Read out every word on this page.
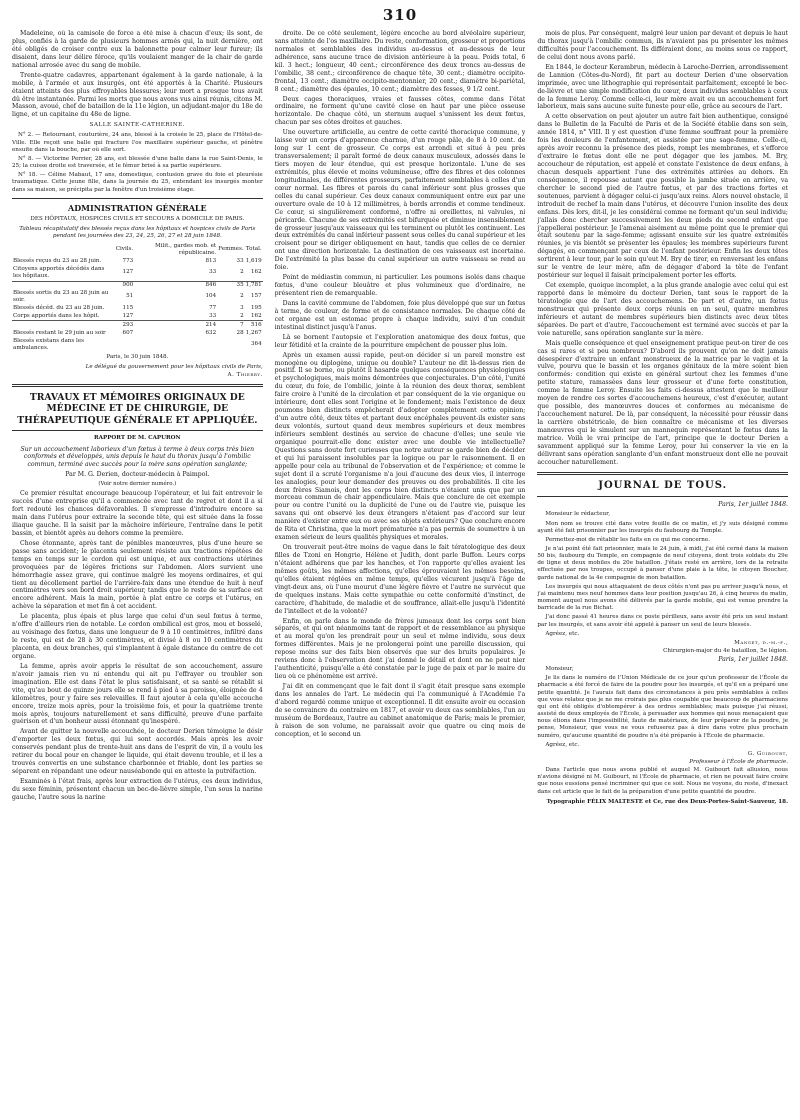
310

Madeleine, où la camisole de force a été mise à chacun d'eux; ils sont, de plus, confiés à la garde de plusieurs hommes armés qui, la nuit dernière, ont été obligés de croiser contre eux la baïonnette pour calmer leur fureur; ils disaient, dans leur délire féroce, qu'ils voulaient manger de la chair de garde national arrosée avec du sang de mobile.

Trente-quatre cadavres, appartenant également à la garde nationale, à la mobile, à l'armée et aux insurgés, ont été apportés à la Charité. Plusieurs étaient atteints des plus effroyables blessures; leur mort a presque tous avait dû être instantanée. Parmi les morts que nous avons vus ainsi réunis, citons M. Masson, avoué, chef de bataillon de la 11e légion, un adjudant-major du 18e de ligne, et un capitaine du 48e de ligne.

SALLE SAINTE-CATHERINE.

N° 2. — Retournant, couturière, 24 ans, blessé à la croisée le 25, place de l'Hôtel-de-Ville. Elle reçoit une balle qui fracture l'os maxillaire supérieur gauche, et pénètre ensuite dans la bouche, par où elle sort.

N° 8. — Victorine Perrier, 28 ans, est blessée d'une balle dans la rue Saint-Denis, le 25; la cuisse droite est traversée, et le fémur brisé à sa partie supérieure.

N° 18. — Céline Mabaut, 17 ans, domestique, contusion grave du foie et pleurésie traumatique. Cette jeune fille, dans la journée du 25, entendant les insurgés monter dans sa maison, se précipita par la fenêtre d'un troisième étage.

ADMINISTRATION GÉNÉRALE
DES HÔPITAUX, HOSPICES CIVILS ET SECOURS A DOMICILE DE PARIS.

Tableau récapitulatif des blessés reçus dans les hôpitaux et hospices civils de Paris pendant les journées des 23, 24, 25, 26, 27 et 28 juin 1848.

	Civils.	Milit., gardes mob. et républicaine.	Femmes.	Total.
Blessés reçus du 23 au 28 juin.	773	813	33	1,619
Citoyens apportés décédés dans les hôpitaux.	127	33	2	162
	900	846	35	1,781
Blessés sortis du 23 au 28 juin au soir.	51	104	2	157
Blessés décéd. du 23 au 28 juin.	115	77	3	195
Corps apportés dans les hôpit.	127	33	2	162
	293	214	7	516
Blessés restant le 29 juin au soir	607	632	28	1,267
Blessés existans dans les ambulances.				364

Paris, le 30 juin 1848.

Le délégué du gouvernement pour les hôpitaux civils de Paris,
A. Thierry.
TRAVAUX ET MÉMOIRES ORIGINAUX DE MÉDECINE ET DE CHIRURGIE, DE THÉRAPEUTIQUE GÉNÉRALE ET APPLIQUÉE.
RAPPORT DE M. CAPURON

Sur un accouchement laborieux d'un fœtus à terme à deux corps très bien conformés et développés, unis depuis le haut du thorax jusqu'à l'ombilic commun, terminé avec succès pour la mère sans opération sanglante;

Par M. G. Derien, docteur-médecin à Paimpol.

(Voir notre dernier numéro.)

Ce premier résultat encourage beaucoup l'opérateur, et lui fait entrevoir le succès d'une entreprise qu'il a commencée avec tant de regret et dont il a si fort redouté les chances défavorables. Il s'empresse d'introduire encore sa main dans l'utérus pour extraire la seconde tête, qui est située dans la fosse iliaque gauche. Il la saisit par la mâchoire inférieure, l'entraîne dans le petit bassin, et bientôt après au dehors comme la première.

Chose étonnante, après tant de pénibles manœuvres, plus d'une heure se passe sans accident; le placenta seulement résiste aux tractions répétées de temps en temps sur le cordon qui est unique, et aux contractions utérines provoquées par de légères frictions sur l'abdomen. Alors survient une hémorrhagie assez grave, qui continue malgré les moyens ordinaires, et qui tient au décollement partiel de l'arrière-faix dans une étendue de huit à neuf centimètres vers son bord droit supérieur, tandis que le reste de sa surface est encore adhérent. Mais la main, portée à plat entre ce corps et l'utérus, en achève la séparation et met fin à cet accident.

Le placenta, plus épais et plus large que celui d'un seul fœtus à terme, n'offre d'ailleurs rien de notable. Le cordon ombilical est gros, mou et bosselé, au voisinage des fœtus, dans une longueur de 9 à 10 centimètres, infiltré dans le reste, qui est de 28 à 30 centimètres, et divisé à 8 ou 10 centimètres du placenta, en deux branches, qui s'implantent à égale distance du centre de cet organe.

La femme, après avoir appris le résultat de son accouchement, assure n'avoir jamais rien vu ni entendu qui ait pu l'effrayer ou troubler son imagination. Elle est dans l'état le plus satisfaisant, et sa santé se rétablit si vite, qu'au bout de quinze jours elle se rend à pied à sa paroisse, éloignée de 4 kilomètres, pour y faire ses relevailles. Il faut ajouter à cela qu'elle accouche encore, treize mois après, pour la troisième fois, et pour la quatrième trente mois après, toujours naturellement et sans difficulté, preuve d'une parfaite guérison et d'un bonheur aussi étonnant qu'inespéré.

Avant de quitter la nouvelle accouchée, le docteur Derien témoigne le désir d'emporter les deux fœtus, qui lui sont accordés. Mais après les avoir conservés pendant plus de trente-huit ans dans de l'esprit de vin, il a voulu les retirer du bocal pour en changer le liquide, qui était devenu trouble, et il les a trouvés convertis en une substance charbonnée et friable, dont les parties se séparent en répandant une odeur nauséabonde qui en atteste la putréfaction.

Examinés à l'état frais, après leur extraction de l'utérus, ces deux individus, du sexe féminin, présentent chacun un bec-de-lièvre simple, l'un sous la narine gauche, l'autre sous la narine

droite. De ce côté seulement, légère encoche au bord alvéolaire supérieur, sans atteinte de l'os maxillaire. Du reste, conformation, grosseur et proportions normales et semblables des individus au-dessus et au-dessous de leur adhérence, sans aucune trace de division antérieure à la peau. Poids total, 6 kil. 3 hect.; longueur, 40 cent.; circonférence des deux troncs au-dessus de l'ombilic, 38 cent.; circonférence de chaque tête, 30 cent.; diamètre occipito-frontal, 13 cent.; diamètre occipito-mentonnier, 20 cent.; diamètre bi-pariétal, 8 cent.; diamètre des épaules, 10 cent.; diamètre des fesses, 9 1/2 cent.

Deux cages thoraciques, vraies et fausses côtes, comme dans l'état ordinaire, ne forment qu'une cavité close en haut par une pièce osseuse horizontale. De chaque côté, un sternum auquel s'unissent les deux fœtus, chacun par ses côtes droites et gauches.

Une ouverture artificielle, au centre de cette cavité thoracique commune, y laisse voir un corps d'apparence charnue, d'un rouge pâle, de 8 à 10 cent. de long sur 1 cent de grosseur. Ce corps est arrondi et situé à peu près transversalement; il paraît formé de deux canaux musculeux, adossés dans le tiers moyen de leur étendue, qui est presque horizontale. L'une de ses extrémités, plus élevée et moins volumineuse, offre des fibres et des colonnes longitudinales, de différentes grosseurs, parfaitement semblables à celles d'un cœur normal. Les fibres et parois du canal inférieur sont plus grosses que celles du canal supérieur. Ces deux canaux communiquent entre eux par une ouverture ovale de 10 à 12 millimètres, à bords arrondis et comme tendineux. Ce cœur, si singulièrement conformé, n'offre ni oreillettes, ni valvules, ni péricarde. Chacune de ses extrémités est bifurquée et diminue insensiblement de grosseur jusqu'aux vaisseaux qui les terminent ou plutôt les continuent. Les deux extrémités du canal inférieur passent sous celles du canal supérieur et les croisent pour se diriger obliquement en haut, tandis que celles de ce dernier ont une direction horizontale. La destination de ces vaisseaux est incertaine. De l'extrémité la plus basse du canal supérieur un autre vaisseau se rend au foie.

Point de médiastin commun, ni particulier. Les poumons isolés dans chaque fœtus, d'une couleur bleuâtre et plus volumineux que d'ordinaire, ne présentent rien de remarquable.

Dans la cavité commune de l'abdomen, foie plus développé que sur un fœtus à terme, de couleur, de forme et de consistance normales. De chaque côté de cet organe est un estomac propre à chaque individu, suivi d'un conduit intestinal distinct jusqu'à l'anus.

Là se bornent l'autopsie et l'exploration anatomique des deux fœtus, que leur fétidité et la crainte de la pourriture empêchent de pousser plus loin.

Après un examen aussi rapide, peut-on décider si un pareil monstre est monogène ou diplogène, unique ou double? L'auteur ne dit là-dessus rien de positif. Il se borne, ou plutôt il hasarde quelques conséquences physiologiques et psychologiques, mais moins démontrées que conjecturales. D'un côté, l'unité du cœur, du foie, de l'ombilic, jointe à la réunion des deux thorax, semblent faire croire à l'unité de la circulation et par conséquent de la vie organique ou intérieure, dont elles sont l'origine et le fondement; mais l'existence de deux poumons bien distincts empêcherait d'adopter complètement cette opinion; d'un autre côté, deux têtes et partant deux encéphales peuvent-ils exister sans deux volontés, surtout quand deux membres supérieurs et deux membres inférieurs semblent destinés au service de chacune d'elles; une seule vie organique pourrait-elle donc exister avec une double vie intellectuelle? Questions sans doute fort curieuses que notre auteur se garde bien de décider et qui lui paraissent insolubles par la logique ou par le raisonnement. Il en appelle pour cela au tribunal de l'observation et de l'expérience; et comme le sujet dont il a scruté l'organisme n'a joui d'aucune des deux vies, il interroge les analogies, pour leur demander des preuves ou des probabilités. Il cite les deux frères Siamois, dont les corps bien distincts n'étaient unis que par un morceau commun de chair appendiculaire. Mais que conclure de cet exemple pour ou contre l'unité ou la duplicité de l'une ou de l'autre vie, puisque les savans qui ont observé les deux étrangers n'étaient pas d'accord sur leur manière d'exister entre eux ou avec ses objets extérieurs? Que conclure encore de Rita et Christina, que la mort prématurée n'a pas permis de soumettre à un examen sérieux de leurs qualités physiques et morales.

On trouverait peut-être moins de vague dans le fait tératologique des deux filles de Tzoni en Hongrie, Hélène et Judith, dont parle Buffon. Leurs corps n'étaient adhérens que par les hanches, et l'on rapporte qu'elles avaient les mêmes goûts, les mêmes affections, qu'elles éprouvaient les mêmes besoins, qu'elles étaient réglées en même temps, qu'elles vécurent jusqu'à l'âge de vingt-deux ans, où l'une mourut d'une légère fièvre et l'autre ne survécut que de quelques instans. Mais cette sympathie ou cette conformité d'instinct, de caractère, d'habitude, de maladie et de souffrance, allait-elle jusqu'à l'identité de l'intellect et de la volonté?

Enfin, on parle dans le monde de frères jumeaux dont les corps sont bien séparés, et qui ont néanmoins tant de rapport et de ressemblance au physique et au moral qu'on les prendrait pour un seul et même individu, sous deux formes différentes. Mais je ne prolongerai point une pareille discussion, qui repose moins sur des faits bien observés que sur des bruits populaires. Je reviens donc à l'observation dont j'ai donné le détail et dont on ne peut nier l'authenticité, puisqu'elle a été constatée par le juge de paix et par le maire du lieu où ce phénomène est arrivé.

J'ai dit en commençant que le fait dont il s'agit était presque sans exemple dans les annales de l'art. Le médecin qui l'a communiqué à l'Académie l'a d'abord regardé comme unique et exceptionnel. Il dit ensuite avoir eu occasion de se convaincre du contraire en 1817, et avoir vu deux cas semblables, l'un au muséum de Bordeaux, l'autre au cabinet anatomique de Paris; mais le premier, à raison de son volume, ne paraissait avoir que quatre ou cinq mois de conception, et le second un

mois de plus. Par conséquent, malgré leur union par devant et depuis le haut du thorax jusqu'à l'ombilic commun, ils n'avaient pas pu présenter les mêmes difficultés pour l'accouchement. Ils différaient donc, au moins sous ce rapport, de celui dont nous avons parlé.

En 1844, le docteur Kerambrun, médecin à Laroche-Derrien, arrondissement de Lannion (Côtes-du-Nord), fit part au docteur Derien d'une observation imprimée, avec une lithographie qui représentait parfaitement, excepté le bec-de-lièvre et une simple modification du cœur, deux individus semblables à ceux de la femme Leroy. Comme celle-ci, leur mère avait eu un accouchement fort laborieux, mais sans aucune suite funeste pour elle, grâce au secours de l'art.

A cette observation on peut ajouter un autre fait bien authentique, consigné dans le Bulletin de la Faculté de Paris et de la Société établie dans son sein, année 1814, n° VIII. Il y est question d'une femme souffrant pour la première fois les douleurs de l'enfantement, et assistée par une sage-femme. Celle-ci, après avoir reconnu la présence des pieds, rompt les membranes, et s'efforce d'extraire le fœtus dont elle ne peut dégager que les jambes. M. Bry, accoucheur de réputation, est appelé et constate l'existence de deux enfans, à chacun desquels appartient l'une des extrémités attirées au dehors. En conséquence, il repousse autant que possible la jambe située en arrière, va chercher le second pied de l'autre fœtus, et par des tractions fortes et soutenues, parvient à dégager celui-ci jusqu'aux reins. Alors nouvel obstacle, il introduit de rechef la main dans l'utérus, et découvre l'union insolite des deux enfans. Dès lors, dit-il, je les considérai comme ne formant qu'un seul individu; j'allais donc chercher successivement les deux pieds du second enfant que j'appellerai postérieur. Je l'amenai aisément au même point que le premier qui était soutenu par la sage-femme; agissant ensuite sur les quatre extrémités réunies, je vis bientôt se présenter les épaules; les membres supérieurs furent dégagés, en commençant par ceux de l'enfant postérieur. Enfin les deux têtes sortirent à leur tour, par le soin qu'eut M. Bry de tirer, en renversant les enfans sur le ventre de leur mère, afin de dégager d'abord la tête de l'enfant postérieur sur lequel il faisait principalement porter les efforts.

Cet exemple, quoique incomplet, a la plus grande analogie avec celui qui est rapporté dans le mémoire du docteur Derien, tant sous le rapport de la tératologie que de l'art des accouchemens. De part et d'autre, un fœtus monstrueux qui présente deux corps réunis en un seul, quatre membres inférieurs et autant de membres supérieurs bien distincts avec deux têtes séparées. De part et d'autre, l'accouchement est terminé avec succès et par la voie naturelle, sans opération sanglante sur la mère.

Mais quelle conséquence et quel enseignement pratique peut-on tirer de ces cas si rares et si peu nombreux? D'abord ils prouvent qu'on ne doit jamais désespérer d'extraire un enfant monstrueux de la matrice par le vagin et la vulve, pourvu que le bassin et les organes génitaux de la mère soient bien conformés: condition qui existe en général surtout chez les femmes d'une petite stature, ramassées dans leur grosseur et d'une forte constitution, comme la femme Leroy. Ensuite les faits ci-dessus attestent que le meilleur moyen de rendre ces sortes d'accouchemens heureux, c'est d'exécuter, autant que possible, des manœuvres douces et conformes au mécanisme de l'accouchement naturel. De là, par conséquent, la nécessité pour réussir dans la carrière obstétricale, de bien connaître ce mécanisme et les diverses manœuvres qui le simulent sur un mannequin représentant le fœtus dans la matrice. Voilà le vrai principe de l'art, principe que le docteur Derien a savamment appliqué sur la femme Leroy, pour lui conserver la vie en la délivrant sans opération sanglante d'un enfant monstrueux dont elle ne pouvait accoucher naturellement.

JOURNAL DE TOUS.

Paris, 1er juillet 1848.

Monsieur le rédacteur,

Mon nom se trouve cité dans votre feuille de ce matin, et j'y suis désigné comme ayant été fait prisonnier par les insurgés du faubourg du Temple.

Permettez-moi de rétablir les faits en ce qui me concerne.

Je n'ai point été fait prisonnier, mais le 24 juin, à midi, j'ai été cerné dans la maison 50 bis, faubourg du Temple, en compagnie de neuf citoyens, dont trois soldats du 29e de ligne et deux mobiles du 20e bataillon. J'étais resté en arrière, lors de la retraite effectuée par nos troupes, occupé à panser d'une plaie à la tête, le citoyen Boucher, garde national de la 4e compagnie de mon bataillon.

Les insurgés qui nous attaquaient de deux côtés n'ont pas pu arriver jusqu'à nous, et j'ai maintenu mes neuf hommes dans leur position jusqu'au 26, à cinq heures du matin, moment auquel nous avons été délivrés par la garde mobile, qui est venue prendre la barricade de la rue Bichat.

J'ai donc passé 41 heures dans ce poste périlleux, sans avoir été pris un seul instant par les insurgés, et sans avoir été appelé à panser un seul de leurs blessés.

Agréez, etc.

Manget, d.-m.-p.,
Chirurgien-major du 4e bataillon, 5e légion.

Paris, 1er juillet 1848.

Monsieur,

Je lis dans le numéro de l'Union Médicale de ce jour qu'un professeur de l'École de pharmacie a été forcé de faire de la poudre pour les insurgés, et qu'il en a préparé une petite quantité. Je l'aurais fait dans des circonstances à peu près semblables à celles que vous relatez que je ne me croirais pas plus coupable que beaucoup de pharmaciens qui ont été obligés d'obtempérer à des ordres semblables; mais puisque j'ai réussi, assisté de deux employés de l'École, à persuader aux hommes qui nous menaçaient que nous étions dans l'impossibilité, faute de matériaux, de leur préparer de la poudre, je pense, Monsieur, que vous ne vous refuserez pas à dire dans votre plus prochain numéro, qu'aucune quantité de poudre n'a été préparée à l'École de pharmacie.

Agréez, etc.

G. Guibourt,
Professeur à l'École de pharmacie.

Dans l'article que nous avons publié et auquel M. Guibourt fait allusion, nous n'avions désigné ni M. Guibourt, ni l'École de pharmacie, et rien ne pouvait faire croire que nous eussions pensé incriminer qui que ce soit. Nous ne voyons, du reste, d'inexact dans cet article que le fait de la préparation d'une petite quantité de poudre.

Typographie FÉLIX MALTESTE et Ce, rue des Deux-Portes-Saint-Sauveur, 18.
